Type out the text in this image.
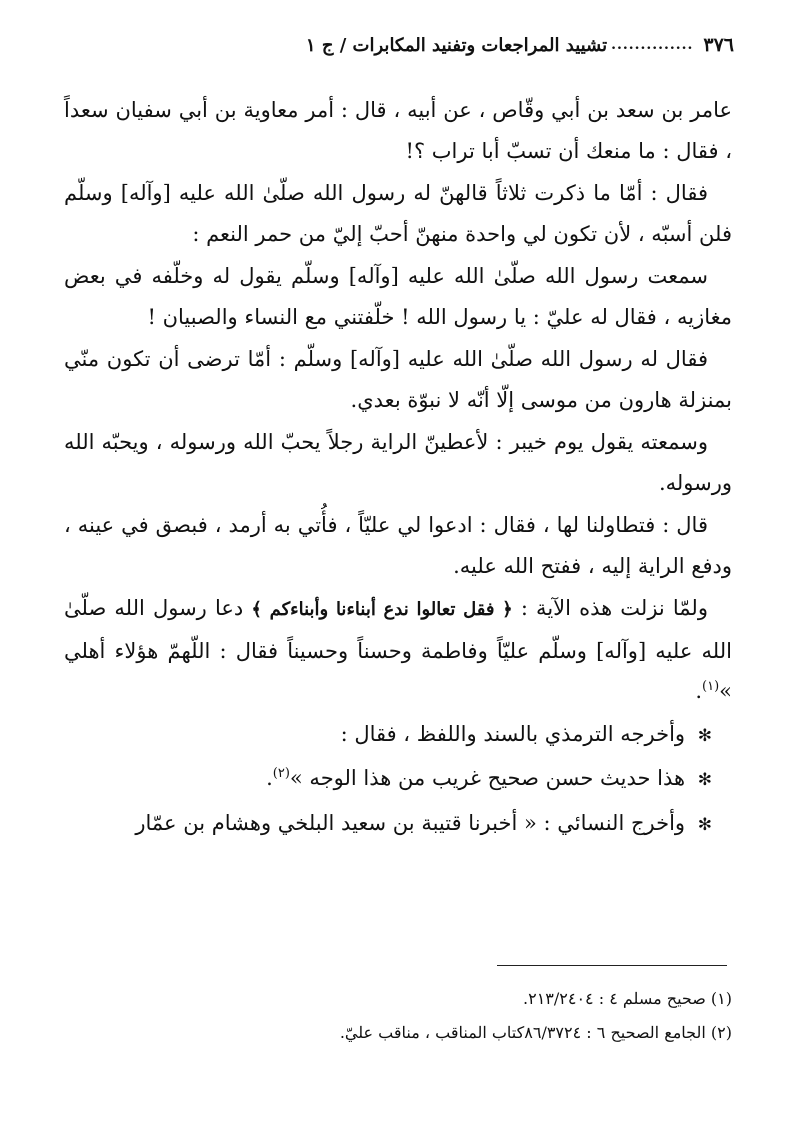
٣٧٦
..............
تشييد المراجعات وتفنيد المكابرات / ج ١

عامر بن سعد بن أبي وقّاص ، عن أبيه ، قال : أمر معاوية بن أبي سفيان سعداً ، فقال : ما منعك أن تسبّ أبا تراب ؟!

فقال : أمّا ما ذكرت ثلاثاً قالهنّ له رسول الله صلّىٰ الله عليه [وآله] وسلّم فلن أسبّه ، لأن تكون لي واحدة منهنّ أحبّ إليّ من حمر النعم :

سمعت رسول الله صلّىٰ الله عليه [وآله] وسلّم يقول له وخلّفه في بعض مغازيه ، فقال له عليّ : يا رسول الله ! خلّفتني مع النساء والصبيان !

فقال له رسول الله صلّىٰ الله عليه [وآله] وسلّم : أمّا ترضى أن تكون منّي بمنزلة هارون من موسى إلّا أنّه لا نبوّة بعدي.

وسمعته يقول يوم خيبر : لأعطينّ الراية رجلاً يحبّ الله ورسوله ، ويحبّه الله ورسوله.

قال : فتطاولنا لها ، فقال : ادعوا لي عليّاً ، فأُتي به أرمد ، فبصق في عينه ، ودفع الراية إليه ، ففتح الله عليه.

ولمّا نزلت هذه الآية : ﴿ فقل تعالوا ندع أبناءنا وأبناءكم ﴾ دعا رسول الله صلّىٰ الله عليه [وآله] وسلّم عليّاً وفاطمة وحسناً وحسيناً فقال : اللّهمّ هؤلاء أهلي »$^{(١)}$.

✻ وأخرجه الترمذي بالسند واللفظ ، فقال :

✻ هذا حديث حسن صحيح غريب من هذا الوجه »$^{(٢)}$.

✻ وأخرج النسائي : « أخبرنا قتيبة بن سعيد البلخي وهشام بن عمّار

(١) صحيح مسلم ٤ : ٢١٣/٢٤٠٤.

(٢) الجامع الصحيح ٦ : ٨٦/٣٧٢٤كتاب المناقب ، مناقب عليّ.
